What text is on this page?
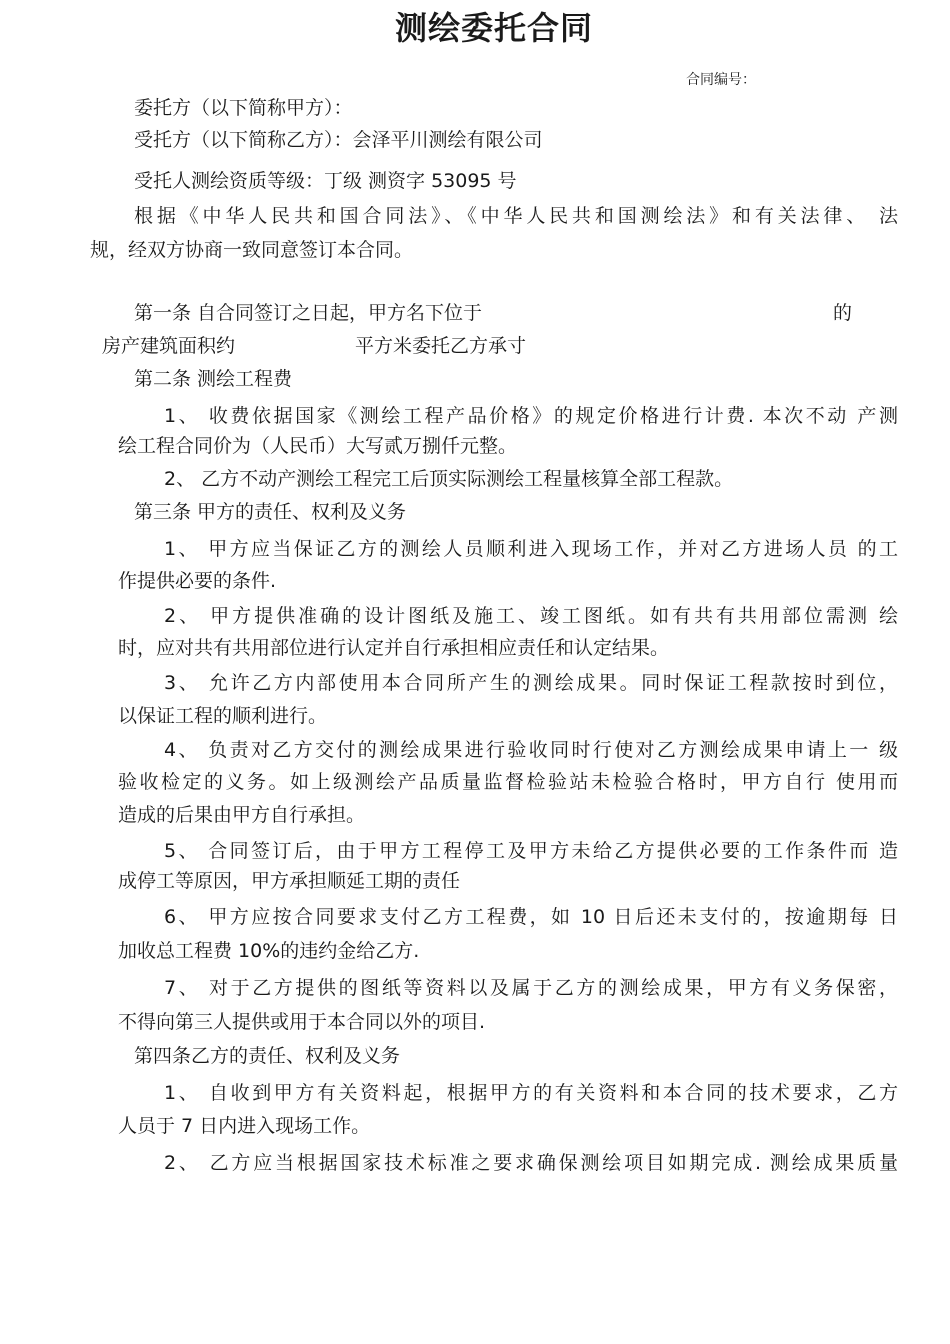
测绘委托合同
合同编号：
委托方（以下简称甲方）：
受托方（以下简称乙方）：会泽平川测绘有限公司
受托人测绘资质等级：丁级 测资字 53095 号
根据《中华人民共和国合同法》、《中华人民共和国测绘法》和有关法律、 法
规，经双方协商一致同意签订本合同。
第一条 自合同签订之日起，甲方名下位于	的
房产建筑面积约	平方米委托乙方承寸
第二条 测绘工程费
1、 收费依据国家《测绘工程产品价格》的规定价格进行计费. 本次不动 产测
绘工程合同价为（人民币）大写贰万捌仟元整。
2、 乙方不动产测绘工程完工后顶实际测绘工程量核算全部工程款。
第三条 甲方的责任、权利及义务
1、 甲方应当保证乙方的测绘人员顺利进入现场工作，并对乙方进场人员 的工
作提供必要的条件.
2、 甲方提供准确的设计图纸及施工、竣工图纸。如有共有共用部位需测 绘
时，应对共有共用部位进行认定并自行承担相应责任和认定结果。
3、 允许乙方内部使用本合同所产生的测绘成果。同时保证工程款按时到位，
以保证工程的顺利进行。
4、 负责对乙方交付的测绘成果进行验收同时行使对乙方测绘成果申请上一 级
验收检定的义务。如上级测绘产品质量监督检验站未检验合格时，甲方自行 使用而
造成的后果由甲方自行承担。
5、 合同签订后，由于甲方工程停工及甲方未给乙方提供必要的工作条件而 造
成停工等原因，甲方承担顺延工期的责任
6、 甲方应按合同要求支付乙方工程费，如 10 日后还未支付的，按逾期每 日
加收总工程费 10%的违约金给乙方.
7、 对于乙方提供的图纸等资料以及属于乙方的测绘成果，甲方有义务保密，
不得向第三人提供或用于本合同以外的项目.
第四条乙方的责任、权利及义务
1、 自收到甲方有关资料起，根据甲方的有关资料和本合同的技术要求，乙方
人员于 7 日内进入现场工作。
2、 乙方应当根据国家技术标准之要求确保测绘项目如期完成. 测绘成果质量
